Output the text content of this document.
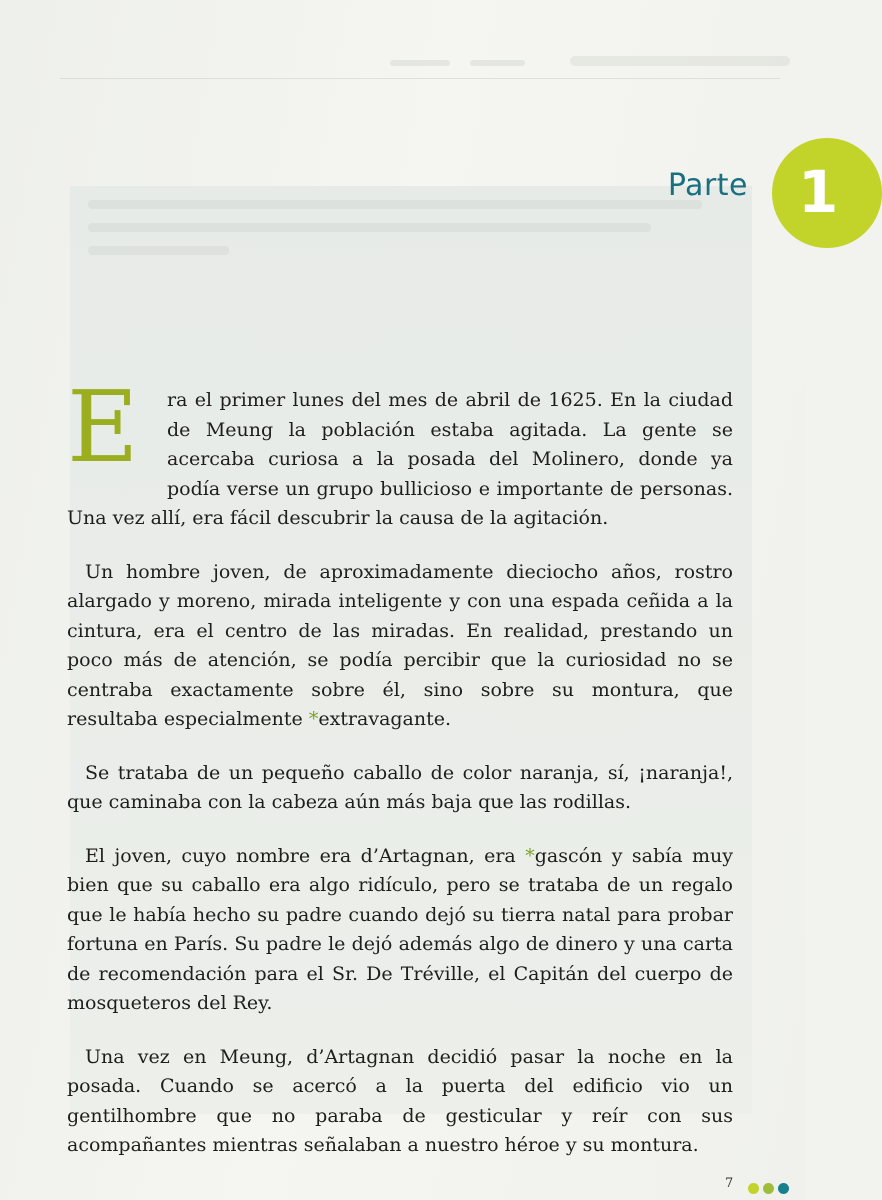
Parte 1

E	ra el primer lunes del mes de abril de 1625. En la ciudad de Meung la población estaba agitada. La gente se acercaba curiosa a la posada del Molinero, donde ya podía verse un grupo bullicioso e importante de personas. Una vez allí, era fácil descubrir la causa de la agitación.

Un hombre joven, de aproximadamente dieciocho años, rostro alargado y moreno, mirada inteligente y con una espada ceñida a la cintura, era el centro de las miradas. En realidad, prestando un poco más de atención, se podía percibir que la curiosidad no se centraba exactamente sobre él, sino sobre su montura, que resultaba especialmente *extravagante.

Se trataba de un pequeño caballo de color naranja, sí, ¡naranja!, que caminaba con la cabeza aún más baja que las rodillas.

El joven, cuyo nombre era d’Artagnan, era *gascón y sabía muy bien que su caballo era algo ridículo, pero se trataba de un regalo que le había hecho su padre cuando dejó su tierra natal para probar fortuna en París. Su padre le dejó además algo de dinero y una carta de recomendación para el Sr. De Tréville, el Capitán del cuerpo de mosqueteros del Rey.

Una vez en Meung, d’Artagnan decidió pasar la noche en la posada. Cuando se acercó a la puerta del edificio vio un gentilhombre que no paraba de gesticular y reír con sus acompañantes mientras señalaban a nuestro héroe y su montura.

7
